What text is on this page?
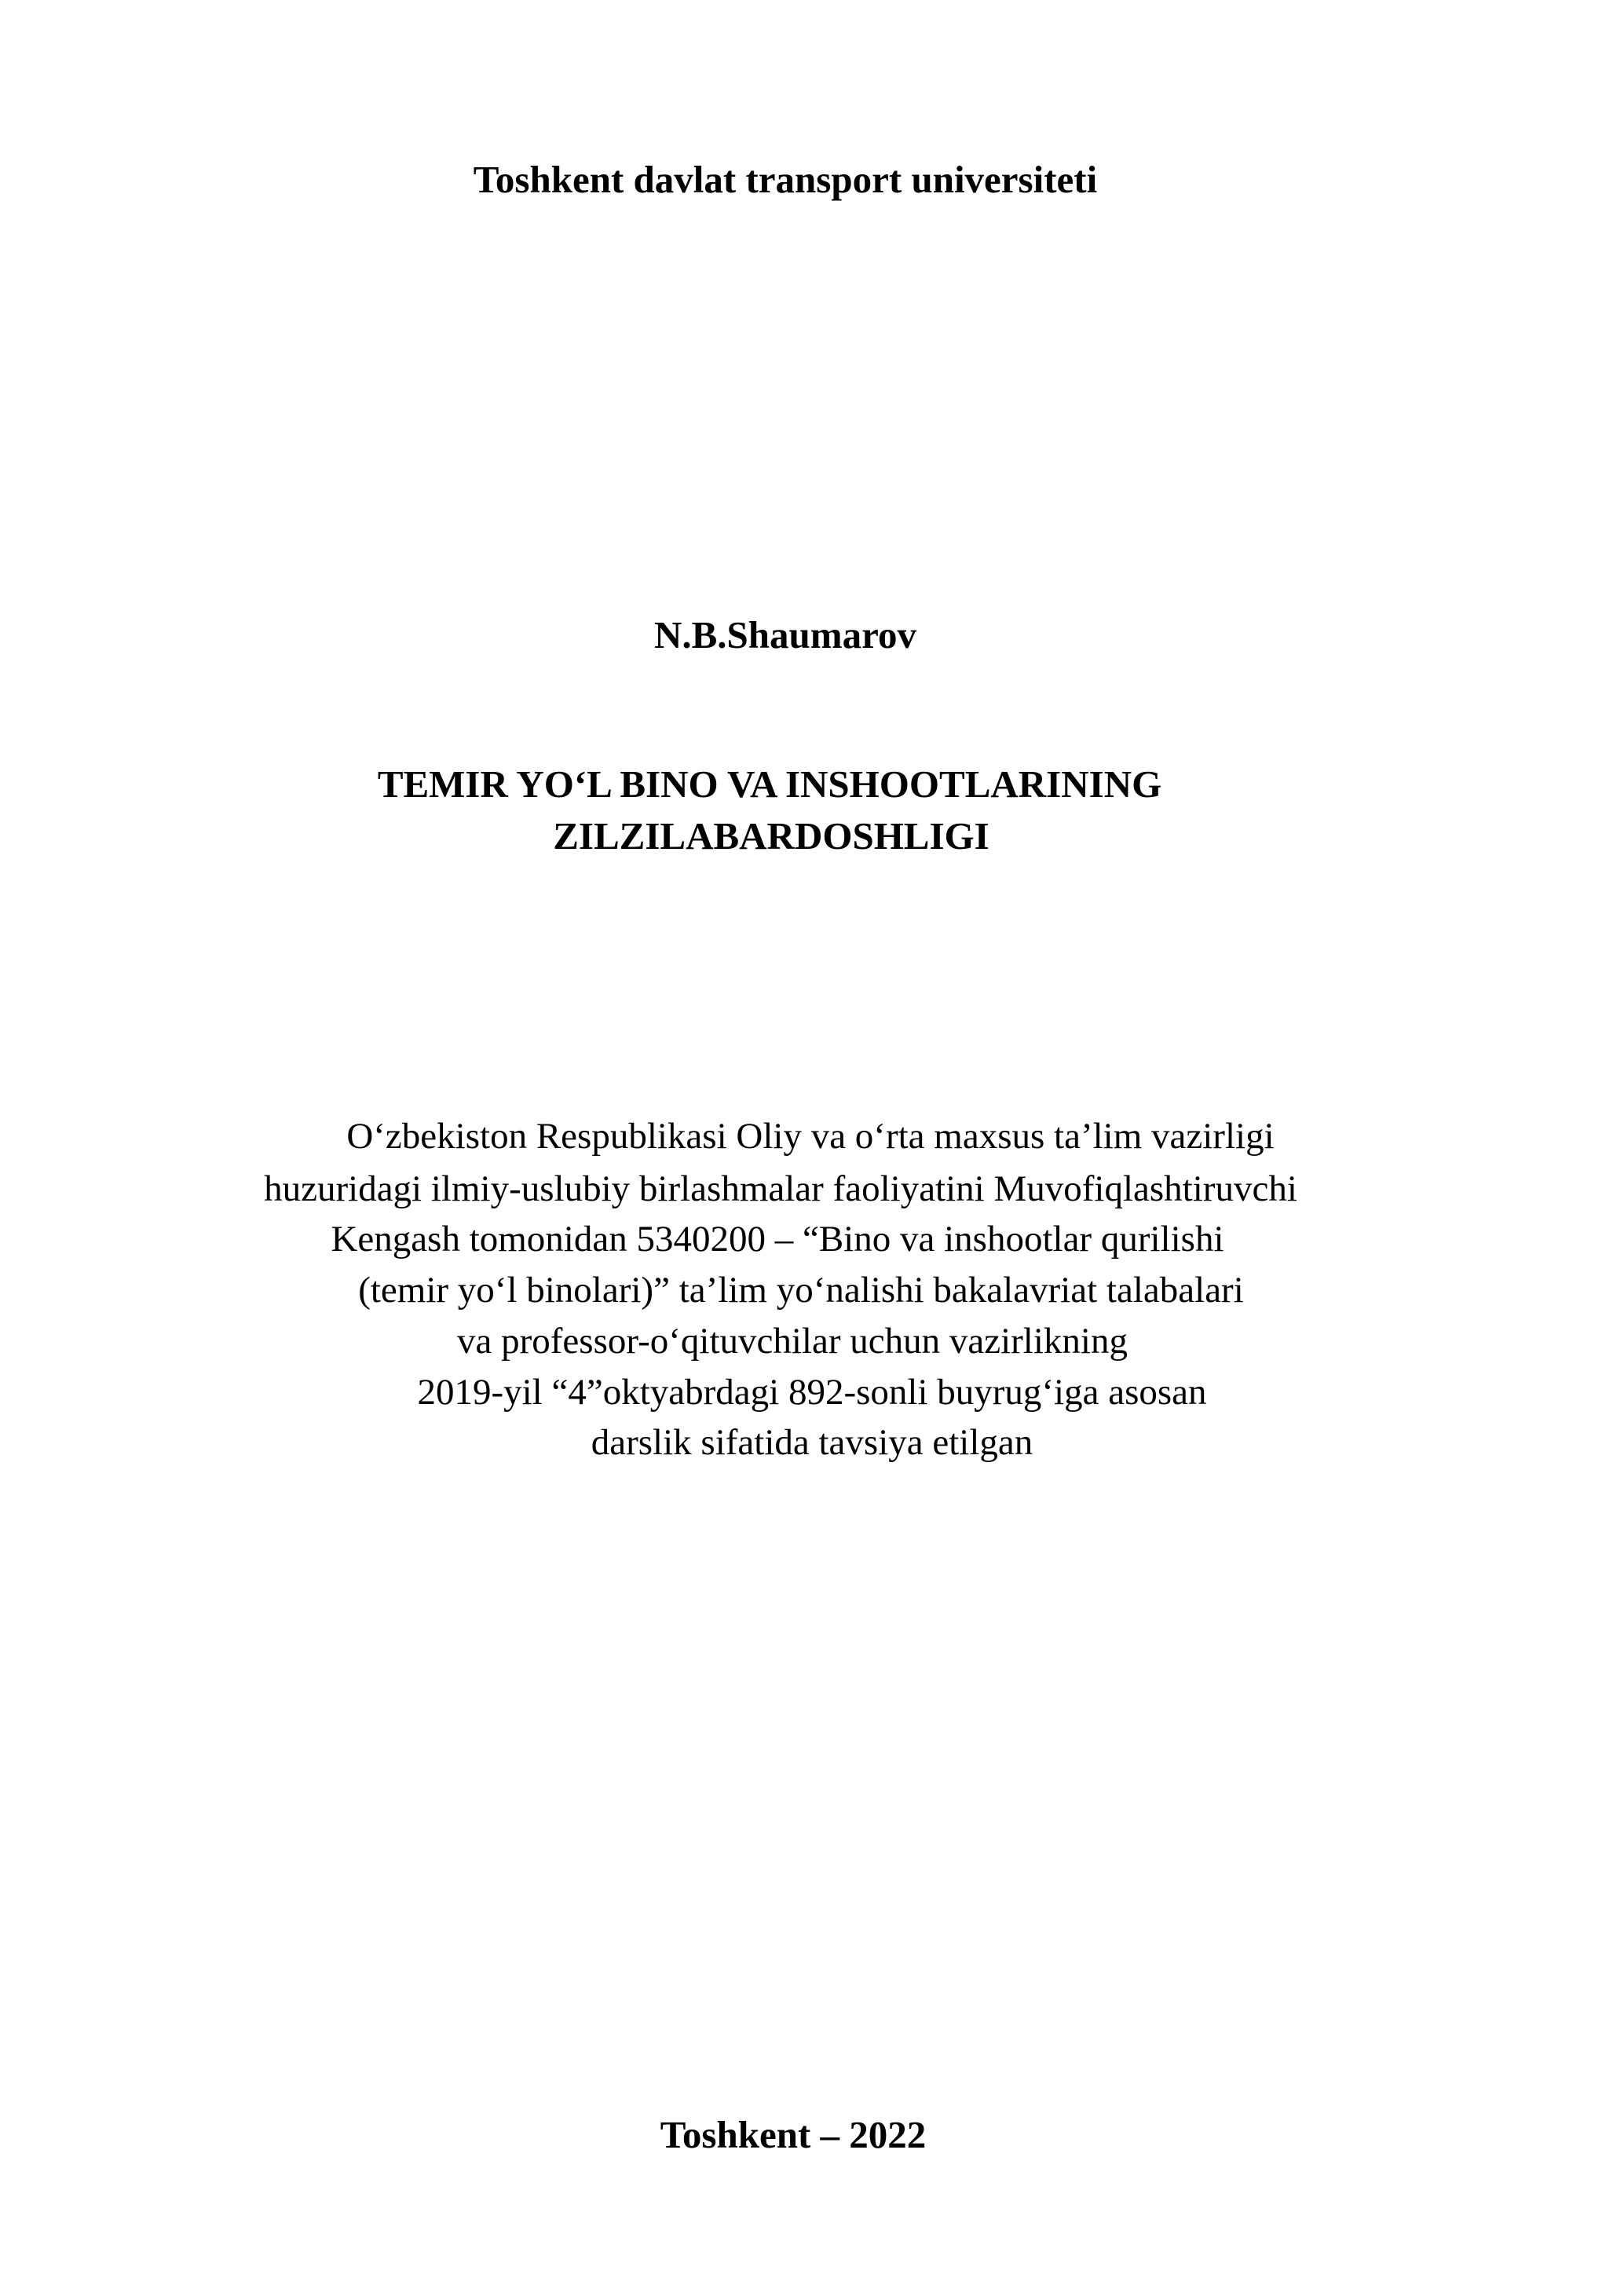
Toshkent davlat transport universiteti

N.B.Shaumarov

TEMIR YO‘L BINO VA INSHOOTLARINING

ZILZILABARDOSHLIGI

O‘zbekiston Respublikasi Oliy va o‘rta maxsus ta’lim vazirligi

huzuridagi ilmiy-uslubiy birlashmalar faoliyatini Muvofiqlashtiruvchi

Kengash tomonidan 5340200 – “Bino va inshootlar qurilishi

(temir yo‘l binolari)” ta’lim yo‘nalishi bakalavriat talabalari

va professor-o‘qituvchilar uchun vazirlikning

2019-yil “4”oktyabrdagi 892-sonli buyrug‘iga asosan

darslik sifatida tavsiya etilgan

Toshkent – 2022
